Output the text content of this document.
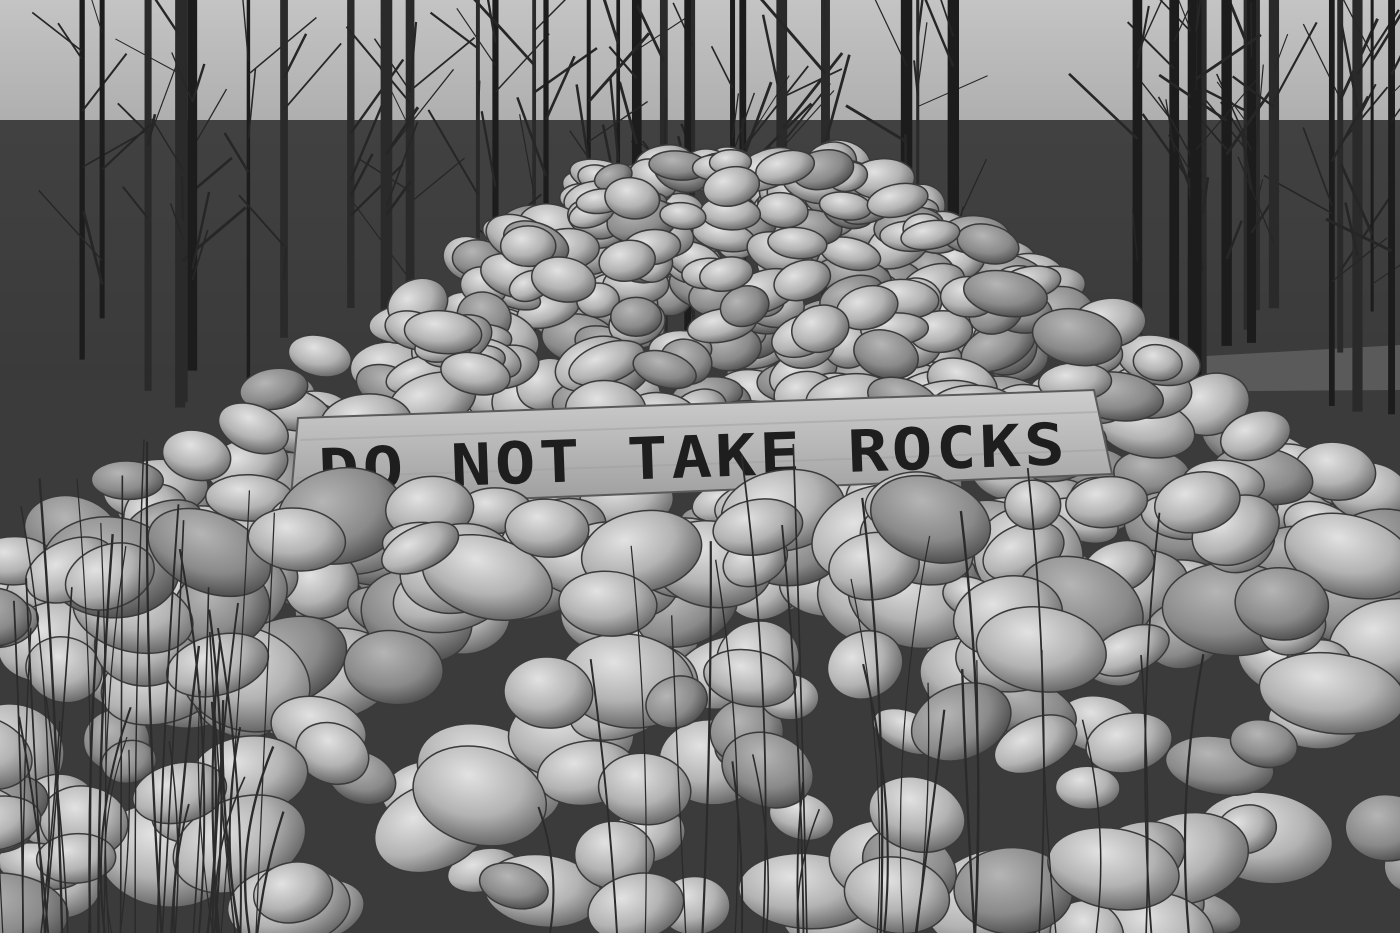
DO NOT TAKE ROCKS
